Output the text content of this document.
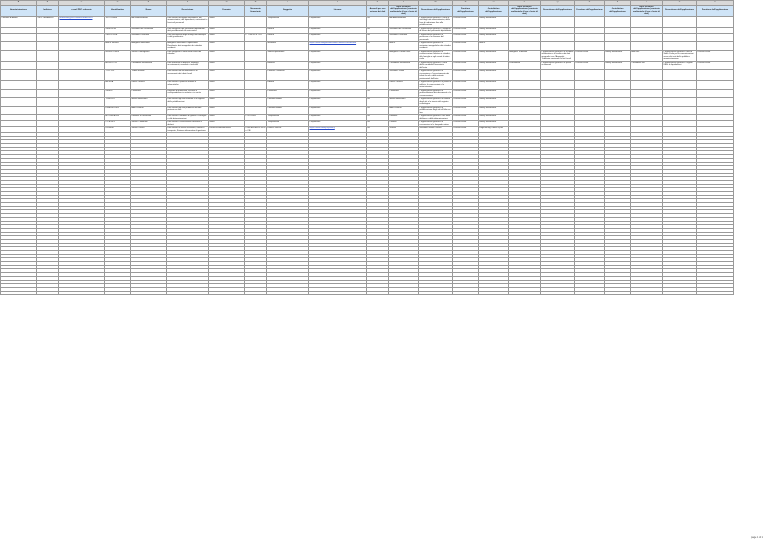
A	B	C	D	E	F	G	H	I	J	K	L	M	N	O	P	Q	R	S	T	U	V
Amministrazione	Indirizzo	e-mail PEC referente	Identificativo	Nome	Descrizione	Formato	Strumento finanziario	Soggetto	Licenza	Accordi per uso esterno dei dati	Altre rilevanze dell'applicazione (contesto ambientale d'uso e fonte di dati)	Descrizione dell'applicazione	Fornitore dell'applicazione	Jurisdiction dell'applicazione	Altre rilevanze dell'applicazione (contesto ambientale d'uso e fonte di dati)	Descrizione dell'applicazione	Fornitore dell'applicazione	Jurisdiction dell'applicazione	Altre rilevanze dell'applicazione (contesto ambientale d'uso e fonte di dati)	Descrizione dell'applicazione	Fornitore dell'applicazione
Comune di Ardea	Via L. Morbiducci	protocollo@pec.comune.ardea.rm.it	1477716804	Atti amministrativi	Dati relativi ad organi istituzionali, atti amministrativi, dei dipendenti, contrattuali e fascicoli personali	Word		Trasparenza	Proprietario	no	Atti Amministrativi	L'applicazione gestisce il ciclo di vita degli atti amministrativi, dalla fase di redazione fino alla pubblicazione	Licenza d'uso	Halley Informatica							
			240678236	Gestione atti Personale	Dati anagrafici del personale dipendente, dati previdenziali ed assicurativi	Word		Interno	Proprietario	no	Gestione del Personale	L'applicazione gestisce il rapporto di lavoro del personale dipendente	Licenza d'uso	Halley Informatica							
			230178 PRE	Gestione Presenze	Dati provenienti dagli orologi marcatempo e dai giustificativi	Word	L. 7 feb 90 n. 241	Interno	Proprietario	no	Gestione Presenze	L'applicazione gestisce le presenze e le assenze del personale	Licenza d'uso	Halley Informatica							
			ANPR 060009	Anagrafe Nazionale	Anagrafe Nazionale Popolazione Residente: dati anagrafici dei cittadini residenti	Word		Ministero	https://www.anagrafenazionale.interno.it/normativa	no	ANPR	L'applicazione gestisce le variazioni anagrafiche dei cittadini residenti	Licenza d'uso	ANPR							
			000003 Y0000	Servizi Demografici	Dati anagrafici e dello stato civile dei cittadini	Word		Stato/Popolazione	Proprietario	no	Anagrafe e Stato civile	L'applicazione gestisce le comunicazioni relative ai cittadini, alle famiglie e agli eventi di stato civile	Licenza d'uso	Halley Informatica	Anagrafe Tributaria	L'applicazione gestisce lo scambio informativo e la verifica dei dati anagrafici con l'Anagrafe Tributaria nazionale ai fini fiscali	Licenza d'uso	Halley Informatica	Altri Enti	L'applicazione gestisce i dati di Stato Civile per le comunicazioni verso altri enti della pubblica amministrazione	Licenza d'uso
			AL.ENT.T.01	Contabilità Finanziaria	Dati finanziari di bilancio, impegni, accertamenti, mandati e reversali	Word		Bilancio	Proprietario	no	Contabilità Finanziaria	L'applicazione gestisce il ciclo della contabilità finanziaria dell'ente	Licenza d'uso	Halley Informatica	Economato	L'applicazione gestisce le spese economali	Licenza d'uso	Halley Informatica	Contabilità Iva	L'applicazione gestisce i registri IVA e le liquidazioni	Licenza d'uso
			7.111.231	Tributi Entrate	Dati relativi alle dichiarazioni e ai versamenti dei tributi locali	Word		Politiche Tributarie	Proprietario	no	Gestione Tributi	L'applicazione gestisce la riscossione e l'accertamento dei tributi locali e delle entrate patrimoniali dell'ente	Licenza d'uso	Halley Informatica							
			AR.MTA	Ufficio Tecnico	Dati relativi a pratiche edilizie e urbanistiche	Word		Edilizia	Proprietario	no	Ufficio Tecnico	L'applicazione gestisce le pratiche edilizie, le concessioni e le autorizzazioni	Licenza d'uso	Halley Informatica							
			240895	Protocollo	Registro di protocollo, archivio e corrispondenza in entrata e in uscita	Word		Protocollo	Proprietario	no	Protocollo	L'applicazione gestisce la protocollazione dei documenti e la conservazione	Licenza d'uso	Halley Informatica							
			T.000.051	Messi Notificatori	Dati relativi agli atti notificati e al registro delle pubblicazioni	Word		Comunicazione	Proprietario	no	Messi Notificatori	L'applicazione gestisce la notifica degli atti e la tenuta del registro cronologico	Licenza d'uso	Halley Informatica							
			F.MESS.0.003	Albo Pretorio	Dati relativi agli atti pubblicati all'albo pretorio on line	Word		Comunicazione	Proprietario	no	Albo Pretorio	L'applicazione gestisce la pubblicazione degli atti all'albo on line	Licenza d'uso	Halley Informatica							
			ATT.RELA.003	Delibere e Determine	Dati relativi a delibere di giunta e consiglio e alle determinazioni	Word	L.267/2000	Trasparenza	Proprietario	no	Delibere	L'applicazione gestisce l'iter delle delibere e delle determinazioni	Licenza d'uso	Halley Informatica							
			C.I.B.04.4	Servizi Cimiteriali	Dati relativi a concessioni cimiteriali e defunti	Word		Trasparenza	Proprietario	no	Cimiteri	L'applicazione gestisce le concessioni e le lampade votive	Licenza d'uso	Halley Informatica							
			0120448	Servizi Tecnici	Dati relativi ai servizi scolastici, mense e trasporto; Sistema informativo di gestione	Excel/Documenti/Word	Il uso dei dati in SPID e CIE	Fondi e Servizi	https://www.halley.it/privacy	no	Scuola	Gestione Servizi Tecnici	Licenza d'uso	Engineering Tributi S.p.A.							

page 1 of 1
